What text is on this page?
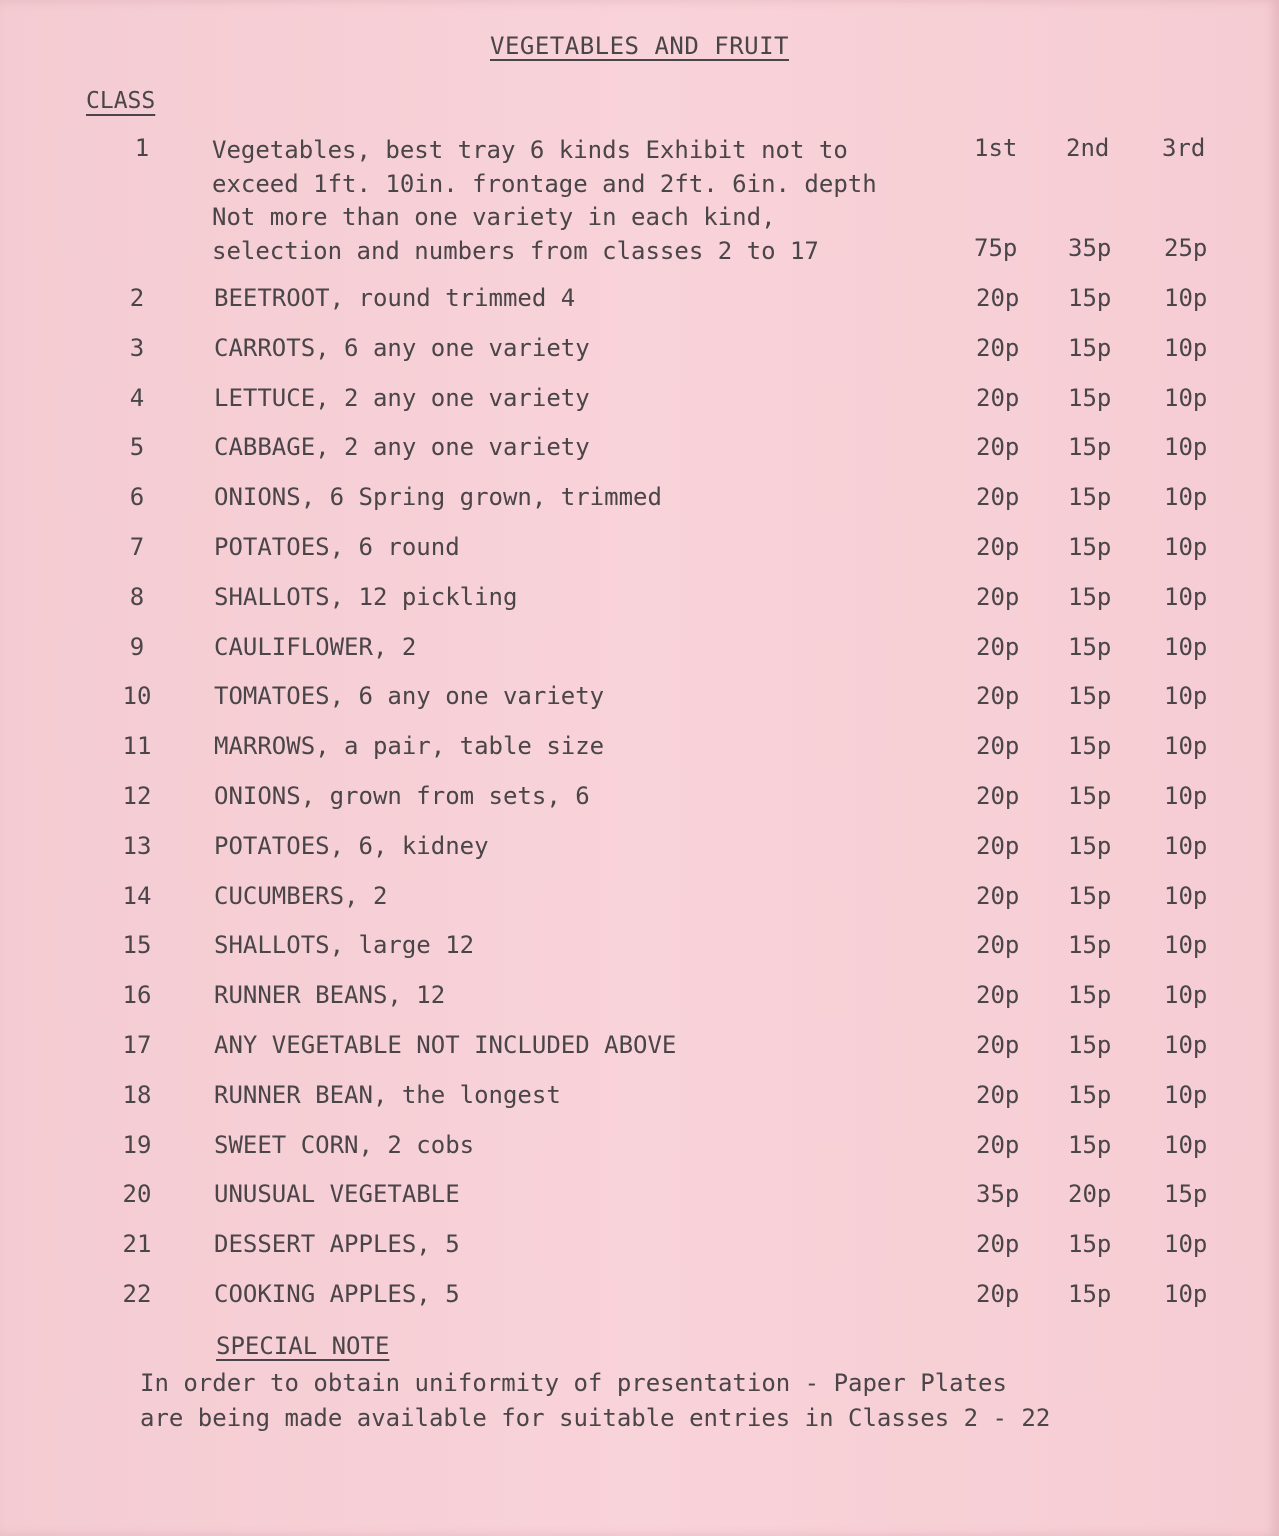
VEGETABLES AND FRUIT
CLASS
1st 2nd 3rd
1	Vegetables, best tray 6 kinds Exhibit not to
exceed 1ft. 10in. frontage and 2ft. 6in. depth
Not more than one variety in each kind,
selection and numbers from classes 2 to 17	75p 35p 25p
2	BEETROOT, round trimmed 4	20p 15p 10p
3	CARROTS, 6 any one variety	20p 15p 10p
4	LETTUCE, 2 any one variety	20p 15p 10p
5	CABBAGE, 2 any one variety	20p 15p 10p
6	ONIONS, 6 Spring grown, trimmed	20p 15p 10p
7	POTATOES, 6 round	20p 15p 10p
8	SHALLOTS, 12 pickling	20p 15p 10p
9	CAULIFLOWER, 2	20p 15p 10p
10	TOMATOES, 6 any one variety	20p 15p 10p
11	MARROWS, a pair, table size	20p 15p 10p
12	ONIONS, grown from sets, 6	20p 15p 10p
13	POTATOES, 6, kidney	20p 15p 10p
14	CUCUMBERS, 2	20p 15p 10p
15	SHALLOTS, large 12	20p 15p 10p
16	RUNNER BEANS, 12	20p 15p 10p
17	ANY VEGETABLE NOT INCLUDED ABOVE	20p 15p 10p
18	RUNNER BEAN, the longest	20p 15p 10p
19	SWEET CORN, 2 cobs	20p 15p 10p
20	UNUSUAL VEGETABLE	35p 20p 15p
21	DESSERT APPLES, 5	20p 15p 10p
22	COOKING APPLES, 5	20p 15p 10p
SPECIAL NOTE
In order to obtain uniformity of presentation - Paper Plates
are being made available for suitable entries in Classes 2 - 22
